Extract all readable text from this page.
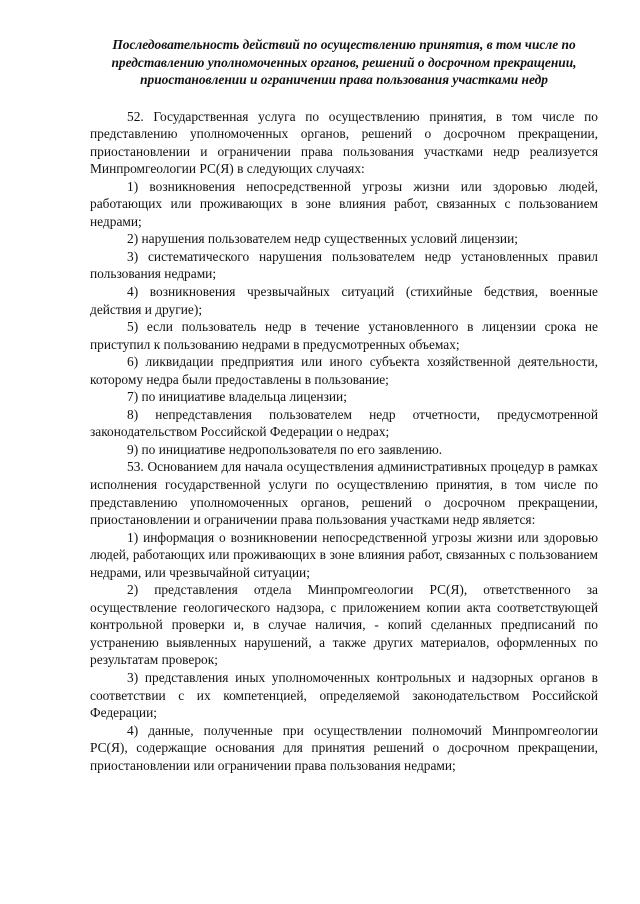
Последовательность действий по осуществлению принятия, в том числе по представлению уполномоченных органов, решений о досрочном прекращении, приостановлении и ограничении права пользования участками недр

52. Государственная услуга по осуществлению принятия, в том числе по представлению уполномоченных органов, решений о досрочном прекращении, приостановлении и ограничении права пользования участками недр реализуется Минпромгеологии РС(Я) в следующих случаях:

1) возникновения непосредственной угрозы жизни или здоровью людей, работающих или проживающих в зоне влияния работ, связанных с пользованием недрами;

2) нарушения пользователем недр существенных условий лицензии;

3) систематического нарушения пользователем недр установленных правил пользования недрами;

4) возникновения чрезвычайных ситуаций (стихийные бедствия, военные действия и другие);

5) если пользователь недр в течение установленного в лицензии срока не приступил к пользованию недрами в предусмотренных объемах;

6) ликвидации предприятия или иного субъекта хозяйственной деятельности, которому недра были предоставлены в пользование;

7) по инициативе владельца лицензии;

8) непредставления пользователем недр отчетности, предусмотренной законодательством Российской Федерации о недрах;

9) по инициативе недропользователя по его заявлению.

53. Основанием для начала осуществления административных процедур в рамках исполнения государственной услуги по осуществлению принятия, в том числе по представлению уполномоченных органов, решений о досрочном прекращении, приостановлении и ограничении права пользования участками недр является:

1) информация о возникновении непосредственной угрозы жизни или здоровью людей, работающих или проживающих в зоне влияния работ, связанных с пользованием недрами, или чрезвычайной ситуации;

2) представления отдела Минпромгеологии РС(Я), ответственного за осуществление геологического надзора, с приложением копии акта соответствующей контрольной проверки и, в случае наличия, - копий сделанных предписаний по устранению выявленных нарушений, а также других материалов, оформленных по результатам проверок;

3) представления иных уполномоченных контрольных и надзорных органов в соответствии с их компетенцией, определяемой законодательством Российской Федерации;

4) данные, полученные при осуществлении полномочий Минпромгеологии РС(Я), содержащие основания для принятия решений о досрочном прекращении, приостановлении или ограничении права пользования недрами;
